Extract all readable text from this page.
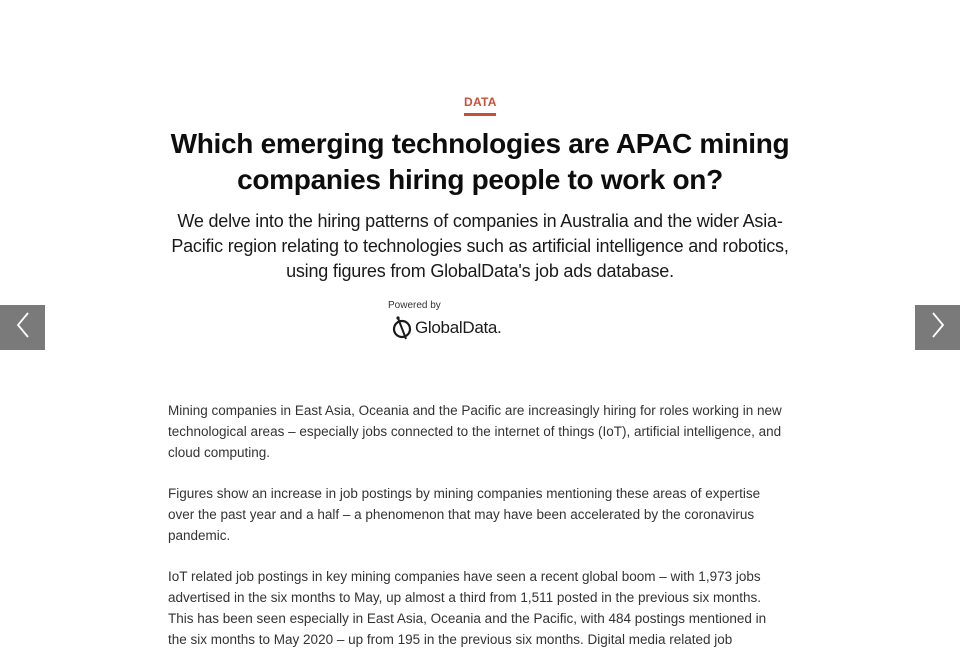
DATA
Which emerging technologies are APAC mining companies hiring people to work on?
We delve into the hiring patterns of companies in Australia and the wider Asia-Pacific region relating to technologies such as artificial intelligence and robotics, using figures from GlobalData's job ads database.
Powered by
GlobalData.

Mining companies in East Asia, Oceania and the Pacific are increasingly hiring for roles working in new technological areas – especially jobs connected to the internet of things (IoT), artificial intelligence, and cloud computing.

Figures show an increase in job postings by mining companies mentioning these areas of expertise over the past year and a half – a phenomenon that may have been accelerated by the coronavirus pandemic.

IoT related job postings in key mining companies have seen a recent global boom – with 1,973 jobs advertised in the six months to May, up almost a third from 1,511 posted in the previous six months. This has been seen especially in East Asia, Oceania and the Pacific, with 484 postings mentioned in the six months to May 2020 – up from 195 in the previous six months. Digital media related job
